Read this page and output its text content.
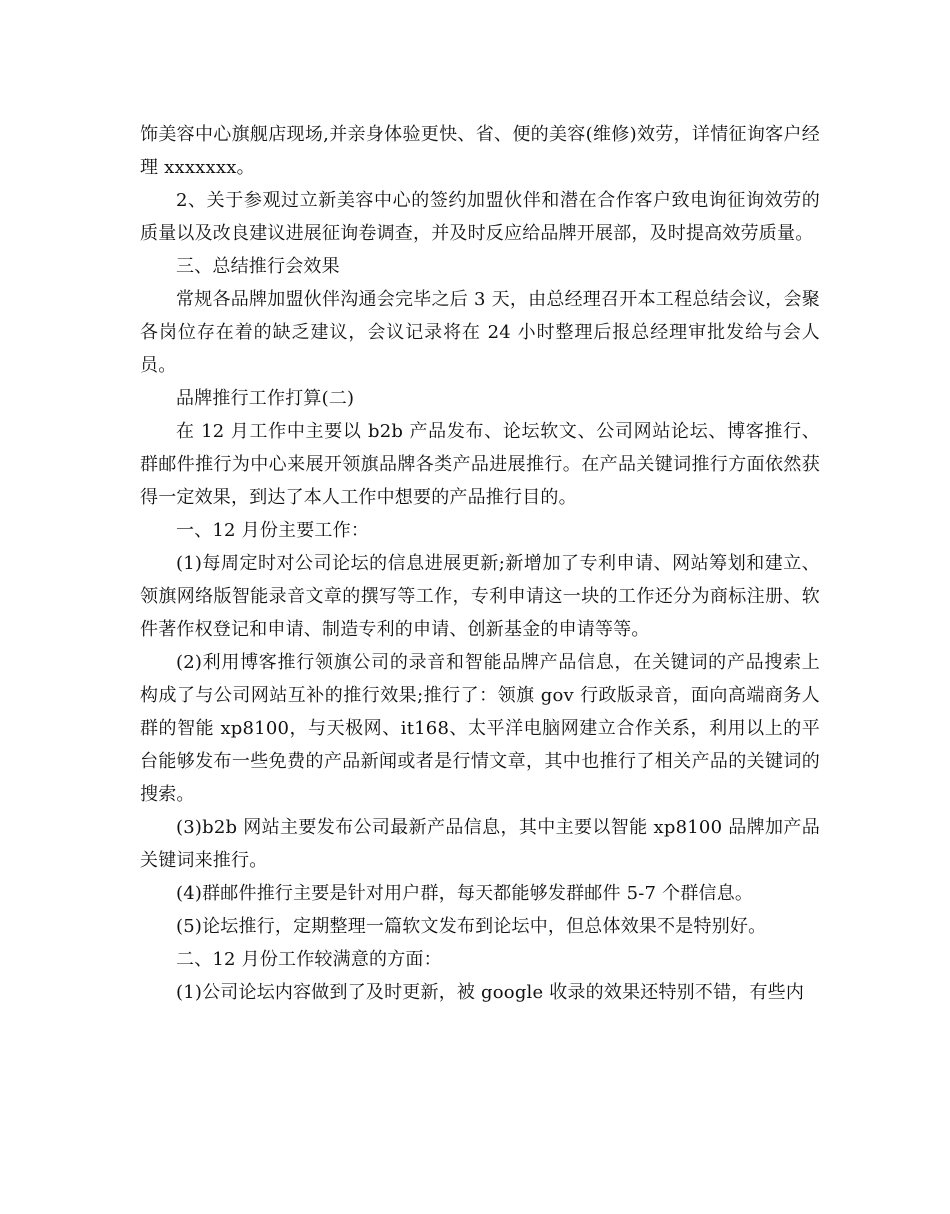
饰美容中心旗舰店现场,并亲身体验更快、省、便的美容(维修)效劳，详情征询客户经理 xxxxxxx。

2、关于参观过立新美容中心的签约加盟伙伴和潜在合作客户致电询征询效劳的质量以及改良建议进展征询卷调查，并及时反应给品牌开展部，及时提高效劳质量。

三、总结推行会效果

常规各品牌加盟伙伴沟通会完毕之后 3 天，由总经理召开本工程总结会议，会聚各岗位存在着的缺乏建议，会议记录将在 24 小时整理后报总经理审批发给与会人员。

品牌推行工作打算(二)

在 12 月工作中主要以 b2b 产品发布、论坛软文、公司网站论坛、博客推行、群邮件推行为中心来展开领旗品牌各类产品进展推行。在产品关键词推行方面依然获得一定效果，到达了本人工作中想要的产品推行目的。

一、12 月份主要工作：

(1)每周定时对公司论坛的信息进展更新;新增加了专利申请、网站筹划和建立、领旗网络版智能录音文章的撰写等工作，专利申请这一块的工作还分为商标注册、软件著作权登记和申请、制造专利的申请、创新基金的申请等等。

(2)利用博客推行领旗公司的录音和智能品牌产品信息，在关键词的产品搜索上构成了与公司网站互补的推行效果;推行了：领旗 gov 行政版录音，面向高端商务人群的智能 xp8100，与天极网、it168、太平洋电脑网建立合作关系，利用以上的平台能够发布一些免费的产品新闻或者是行情文章，其中也推行了相关产品的关键词的搜索。

(3)b2b 网站主要发布公司最新产品信息，其中主要以智能 xp8100 品牌加产品关键词来推行。

(4)群邮件推行主要是针对用户群，每天都能够发群邮件 5-7 个群信息。

(5)论坛推行，定期整理一篇软文发布到论坛中，但总体效果不是特别好。

二、12 月份工作较满意的方面：

(1)公司论坛内容做到了及时更新，被 google 收录的效果还特别不错，有些内
